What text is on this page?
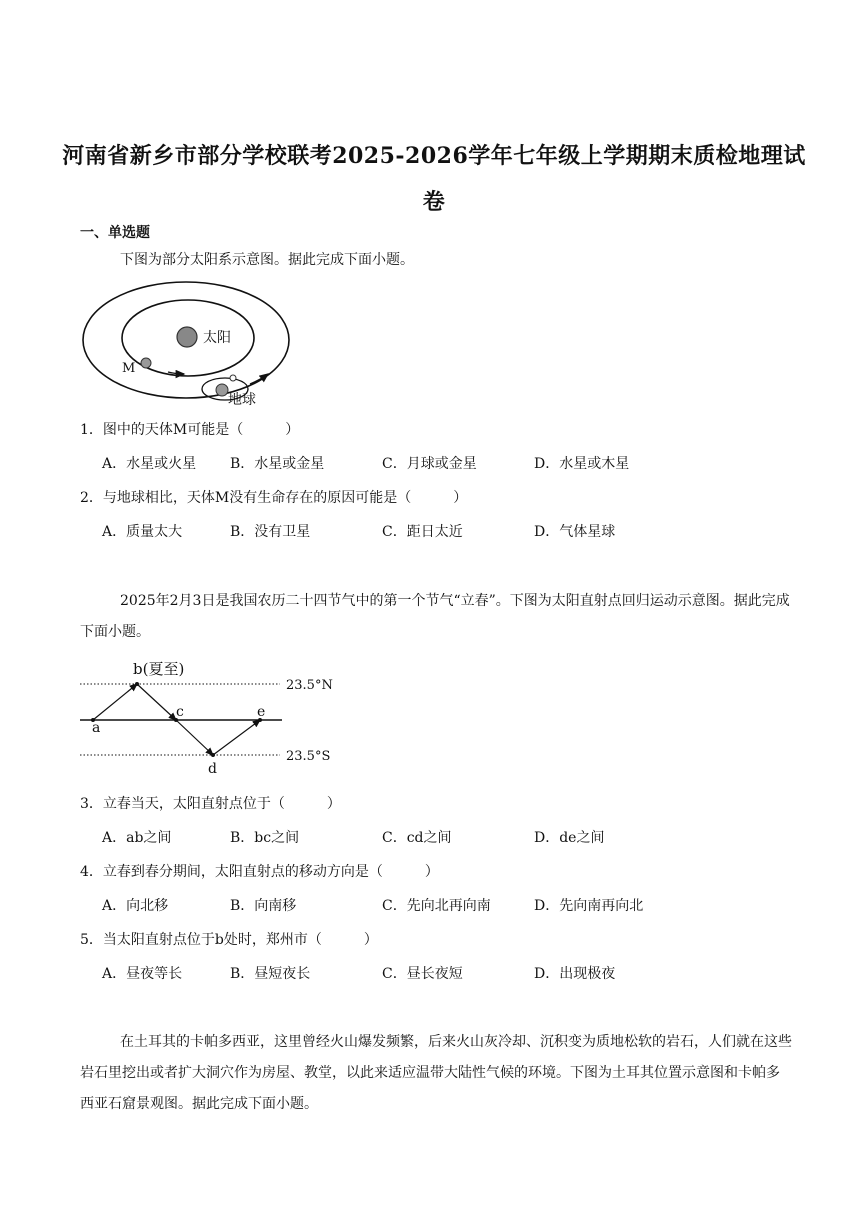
河南省新乡市部分学校联考2025-2026学年七年级上学期期末质检地理试卷
一、单选题
下图为部分太阳系示意图。据此完成下面小题。
太阳
M
地球
1．图中的天体M可能是（　　　）
A．水星或火星 B．水星或金星	C．月球或金星	D．水星或木星
2．与地球相比，天体M没有生命存在的原因可能是（　　　）
A．质量太大	B．没有卫星	C．距日太近	D．气体星球
2025年2月3日是我国农历二十四节气中的第一个节气“立春”。下图为太阳直射点回归运动示意图。据此完成下面小题。
23.5°N
23.5°S
b(夏至)
a
c
d
e
3．立春当天，太阳直射点位于（　　　）
A．ab之间	B．bc之间	C．cd之间	D．de之间
4．立春到春分期间，太阳直射点的移动方向是（　　　）
A．向北移	B．向南移	C．先向北再向南	D．先向南再向北
5．当太阳直射点位于b处时，郑州市（　　　）
A．昼夜等长	B．昼短夜长	C．昼长夜短	D．出现极夜
在土耳其的卡帕多西亚，这里曾经火山爆发频繁，后来火山灰冷却、沉积变为质地松软的岩石，人们就在这些岩石里挖出或者扩大洞穴作为房屋、教堂，以此来适应温带大陆性气候的环境。下图为土耳其位置示意图和卡帕多西亚石窟景观图。据此完成下面小题。
